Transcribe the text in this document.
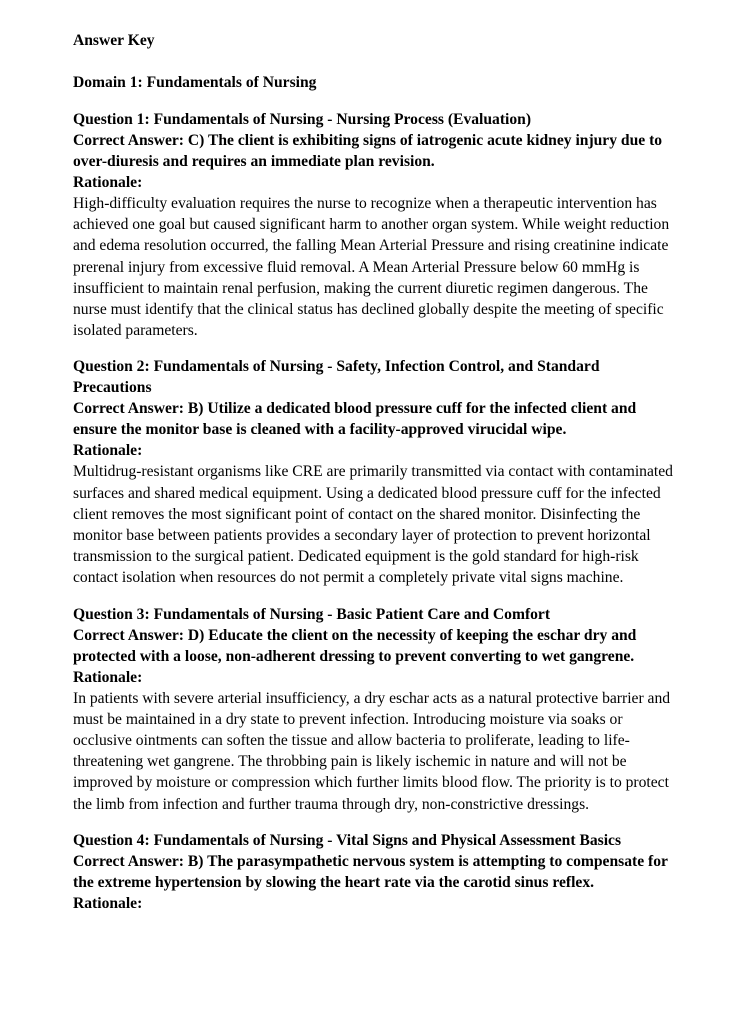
Answer Key

Domain 1: Fundamentals of Nursing

Question 1: Fundamentals of Nursing - Nursing Process (Evaluation)

Correct Answer: C) The client is exhibiting signs of iatrogenic acute kidney injury due to over-diuresis and requires an immediate plan revision.

Rationale:

High-difficulty evaluation requires the nurse to recognize when a therapeutic intervention has achieved one goal but caused significant harm to another organ system. While weight reduction and edema resolution occurred, the falling Mean Arterial Pressure and rising creatinine indicate prerenal injury from excessive fluid removal. A Mean Arterial Pressure below 60 mmHg is insufficient to maintain renal perfusion, making the current diuretic regimen dangerous. The nurse must identify that the clinical status has declined globally despite the meeting of specific isolated parameters.

Question 2: Fundamentals of Nursing - Safety, Infection Control, and Standard Precautions

Correct Answer: B) Utilize a dedicated blood pressure cuff for the infected client and ensure the monitor base is cleaned with a facility-approved virucidal wipe.

Rationale:

Multidrug-resistant organisms like CRE are primarily transmitted via contact with contaminated surfaces and shared medical equipment. Using a dedicated blood pressure cuff for the infected client removes the most significant point of contact on the shared monitor. Disinfecting the monitor base between patients provides a secondary layer of protection to prevent horizontal transmission to the surgical patient. Dedicated equipment is the gold standard for high-risk contact isolation when resources do not permit a completely private vital signs machine.

Question 3: Fundamentals of Nursing - Basic Patient Care and Comfort

Correct Answer: D) Educate the client on the necessity of keeping the eschar dry and protected with a loose, non-adherent dressing to prevent converting to wet gangrene.

Rationale:

In patients with severe arterial insufficiency, a dry eschar acts as a natural protective barrier and must be maintained in a dry state to prevent infection. Introducing moisture via soaks or occlusive ointments can soften the tissue and allow bacteria to proliferate, leading to life-threatening wet gangrene. The throbbing pain is likely ischemic in nature and will not be improved by moisture or compression which further limits blood flow. The priority is to protect the limb from infection and further trauma through dry, non-constrictive dressings.

Question 4: Fundamentals of Nursing - Vital Signs and Physical Assessment Basics

Correct Answer: B) The parasympathetic nervous system is attempting to compensate for the extreme hypertension by slowing the heart rate via the carotid sinus reflex.

Rationale:
